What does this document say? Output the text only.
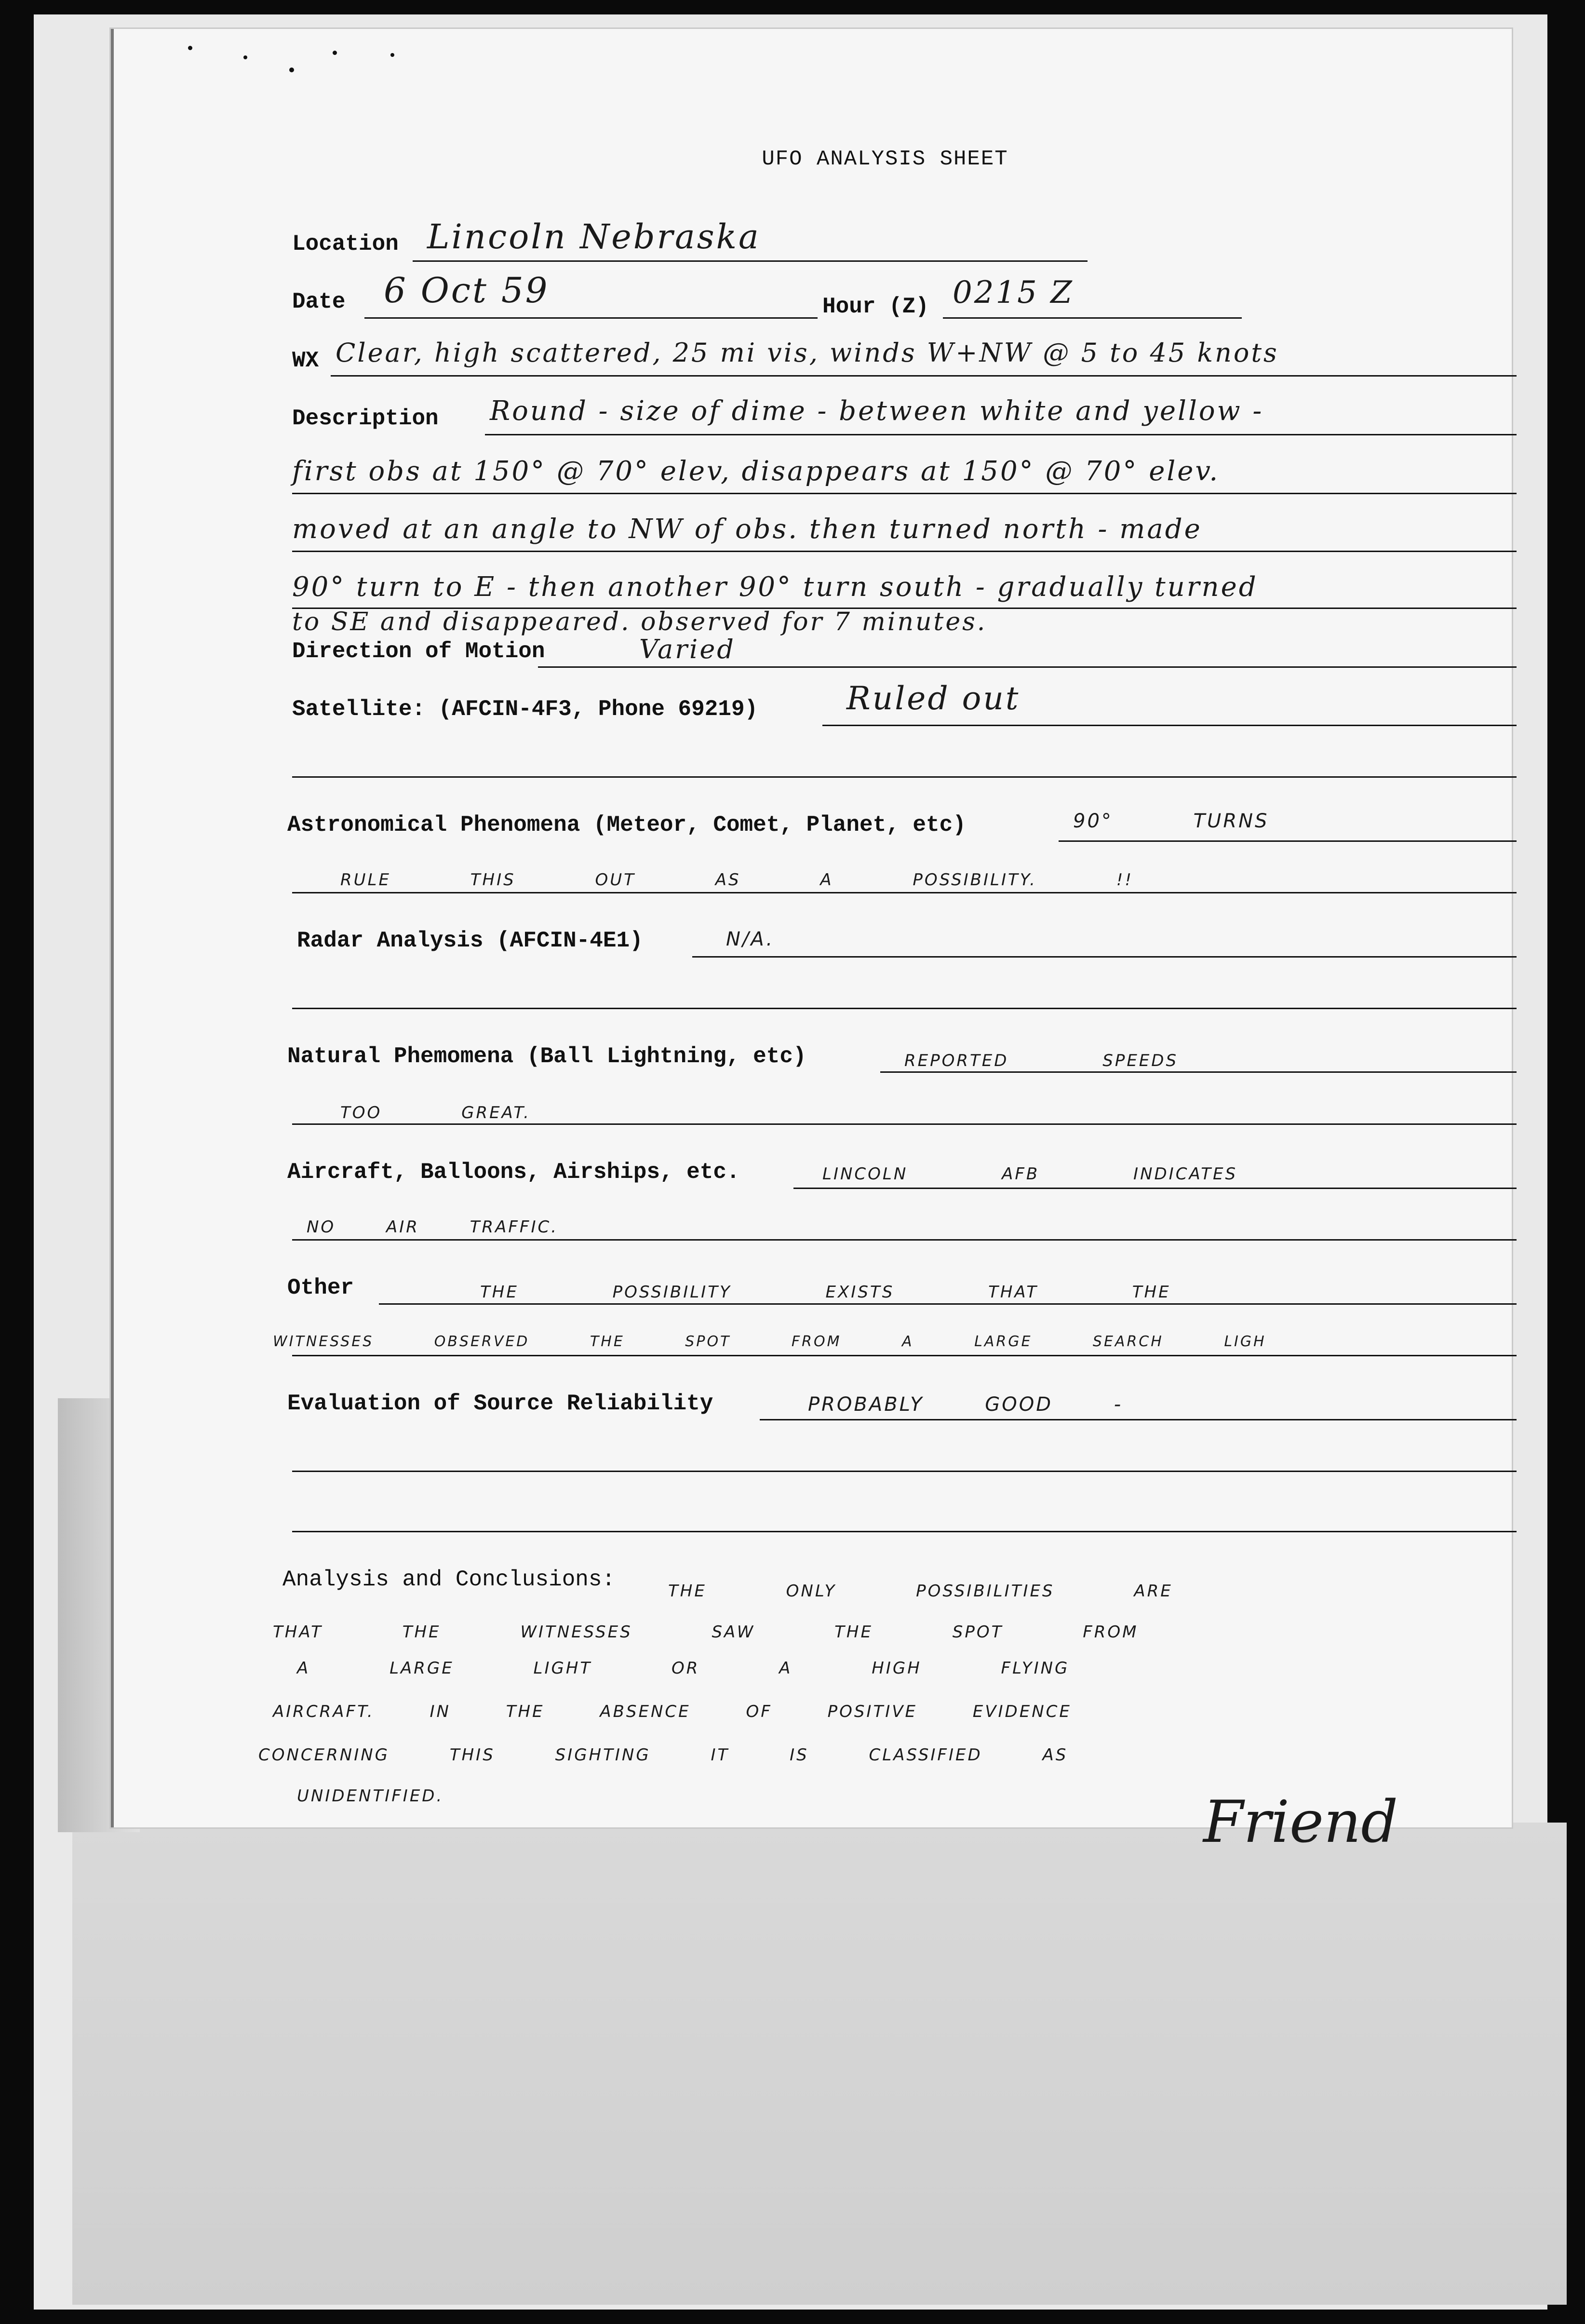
UFO ANALYSIS SHEET
Location Lincoln Nebraska
Date 6 Oct 59	Hour (Z) 0215 Z
WX Clear, high scattered, 25 mi vis, winds W+NW @ 5 to 45 knots
Description Round - size of dime - between white and yellow -
first obs at 150° @ 70° elev, disappears at 150° @ 70° elev.
moved at an angle to NW of obs. then turned north - made
90° turn to E - then another 90° turn south - gradually turned
to SE and disappeared. observed for 7 minutes.
Direction of Motion	Varied
Satellite: (AFCIN-4F3, Phone 69219)	Ruled out
Astronomical Phenomena (Meteor, Comet, Planet, etc)	90° TURNS
RULE THIS OUT AS A POSSIBILITY. !!
Radar Analysis (AFCIN-4E1)	N/A.
Natural Phemomena (Ball Lightning, etc)	REPORTED SPEEDS
TOO GREAT.
Aircraft, Balloons, Airships, etc.	LINCOLN AFB INDICATES
NO AIR TRAFFIC.
Other	THE POSSIBILITY EXISTS THAT THE
WITNESSES OBSERVED THE SPOT FROM A LARGE SEARCH LIGH
Evaluation of Source Reliability	PROBABLY GOOD -
Analysis and Conclusions:	THE ONLY POSSIBILITIES ARE
THAT THE WITNESSES SAW THE SPOT FROM
A LARGE LIGHT OR A HIGH FLYING
AIRCRAFT. IN THE ABSENCE OF POSITIVE EVIDENCE
CONCERNING THIS SIGHTING IT IS CLASSIFIED AS
UNIDENTIFIED.	Friend
